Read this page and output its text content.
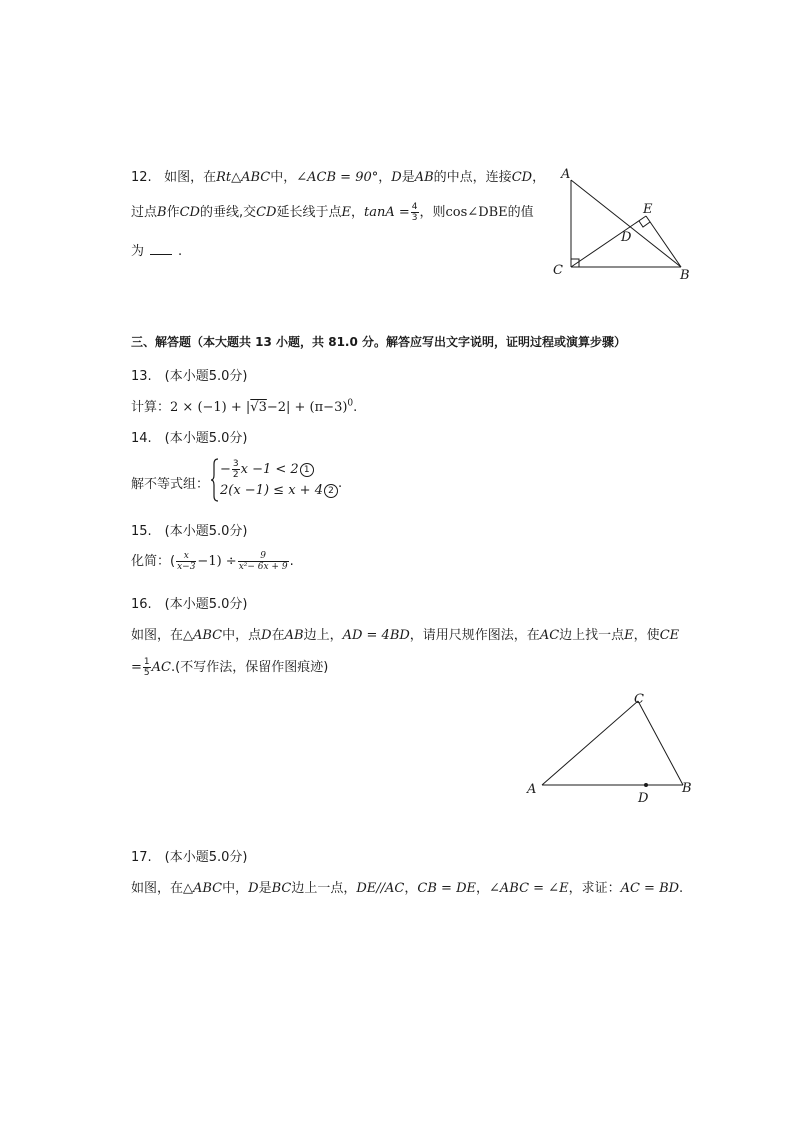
12. 如图，在Rt△ABC中，∠ACB = 90°，D是AB的中点，连接CD，
过点B作CD的垂线,交CD延长线于点E，$\tan A = \frac{4}{3}$ ，则cos∠DBE的值
为	.
A
C	B
D
E
三、解答题（本大题共 13 小题，共 81.0 分。解答应写出文字说明，证明过程或演算步骤）
13.　(本小题5.0分)
计算：$2 \times (-1) + |√3-2| + (\pi-3)^0$.
14.　(本小题5.0分)
解不等式组：
− $\frac{3}{2}$ x −1 < 2 1
2(x −1) ≤ x + 4 2 .
15.　(本小题5.0分)
化简：( $\frac{x}{x-3} -1) \div \frac{9}{\text{x²− 6x + 9}}$ .
16.　(本小题5.0分)
如图，在△ABC中，点D在AB边上，AD = 4BD，请用尺规作图法，在AC边上找一点E，使CE
= $\frac{1}{5} AC$.(不写作法，保留作图痕迹)
A	B
C
D
17.　(本小题5.0分)
如图，在△ABC中，D是BC边上一点，DE//AC，CB = DE，∠ABC = ∠E，求证：AC = BD.
